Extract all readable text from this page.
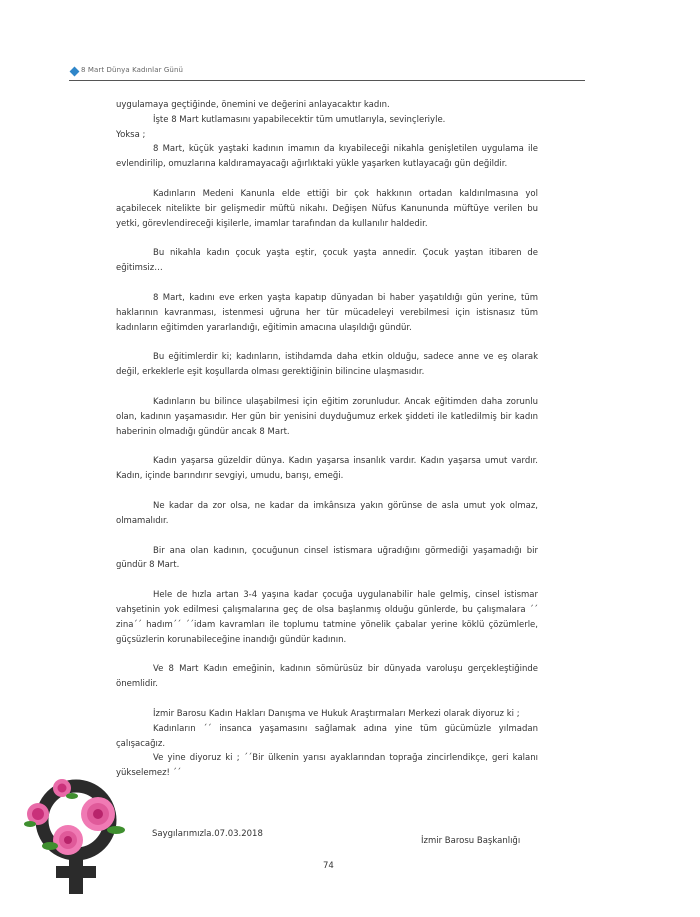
8 Mart Dünya Kadınlar Günü

uygulamaya geçtiğinde, önemini ve değerini anlayacaktır kadın.

İşte 8 Mart kutlamasını yapabilecektir tüm umutlarıyla, sevinçleriyle.

Yoksa ;

8 Mart, küçük yaştaki kadının imamın da kıyabileceği nikahla genişletilen uygulama ile evlendirilip, omuzlarına kaldıramayacağı ağırlıktaki yükle yaşarken kutlayacağı gün değildir.

Kadınların Medeni Kanunla elde ettiği bir çok hakkının ortadan kaldırılmasına yol açabilecek nitelikte bir gelişmedir müftü nikahı. Değişen Nüfus Kanununda müftüye verilen bu yetki, görevlendireceği kişilerle, imamlar tarafından da kullanılır haldedir.

Bu nikahla kadın çocuk yaşta eştir, çocuk yaşta annedir. Çocuk yaştan itibaren de eğitimsiz…

8 Mart, kadını eve erken yaşta kapatıp dünyadan bi haber yaşatıldığı gün yerine, tüm haklarının kavranması, istenmesi uğruna her tür mücadeleyi verebilmesi için istisnasız tüm kadınların eğitimden yararlandığı, eğitimin amacına ulaşıldığı gündür.

Bu eğitimlerdir ki; kadınların, istihdamda daha etkin olduğu, sadece anne ve eş olarak değil, erkeklerle eşit koşullarda olması gerektiğinin bilincine ulaşmasıdır.

Kadınların bu bilince ulaşabilmesi için eğitim zorunludur. Ancak eğitimden daha zorunlu olan, kadının yaşamasıdır. Her gün bir yenisini duyduğumuz erkek şiddeti ile katledilmiş bir kadın haberinin olmadığı gündür ancak 8 Mart.

Kadın yaşarsa güzeldir dünya. Kadın yaşarsa insanlık vardır. Kadın yaşarsa umut vardır. Kadın, içinde barındırır sevgiyi, umudu, barışı, emeği.

Ne kadar da zor olsa, ne kadar da imkânsıza yakın görünse de asla umut yok olmaz, olmamalıdır.

Bir ana olan kadının, çocuğunun cinsel istismara uğradığını görmediği yaşamadığı bir gündür 8 Mart.

Hele de hızla artan 3-4 yaşına kadar çocuğa uygulanabilir hale gelmiş, cinsel istismar vahşetinin yok edilmesi çalışmalarına geç de olsa başlanmış olduğu günlerde, bu çalışmalara ´´ zina´´ hadım´´ ´´idam kavramları ile toplumu tatmine yönelik çabalar yerine köklü çözümlerle, güçsüzlerin korunabileceğine inandığı gündür kadının.

Ve 8 Mart Kadın emeğinin, kadının sömürüsüz bir dünyada varoluşu gerçekleştiğinde önemlidir.

İzmir Barosu Kadın Hakları Danışma ve Hukuk Araştırmaları Merkezi olarak diyoruz ki ;

Kadınların ´´ insanca yaşamasını sağlamak adına yine tüm gücümüzle yılmadan çalışacağız.

Ve yine diyoruz ki ; ´´Bir ülkenin yarısı ayaklarından toprağa zincirlendikçe, geri kalanı yükselemez! ´´

Saygılarımızla.07.03.2018
İzmir Barosu Başkanlığı
74
